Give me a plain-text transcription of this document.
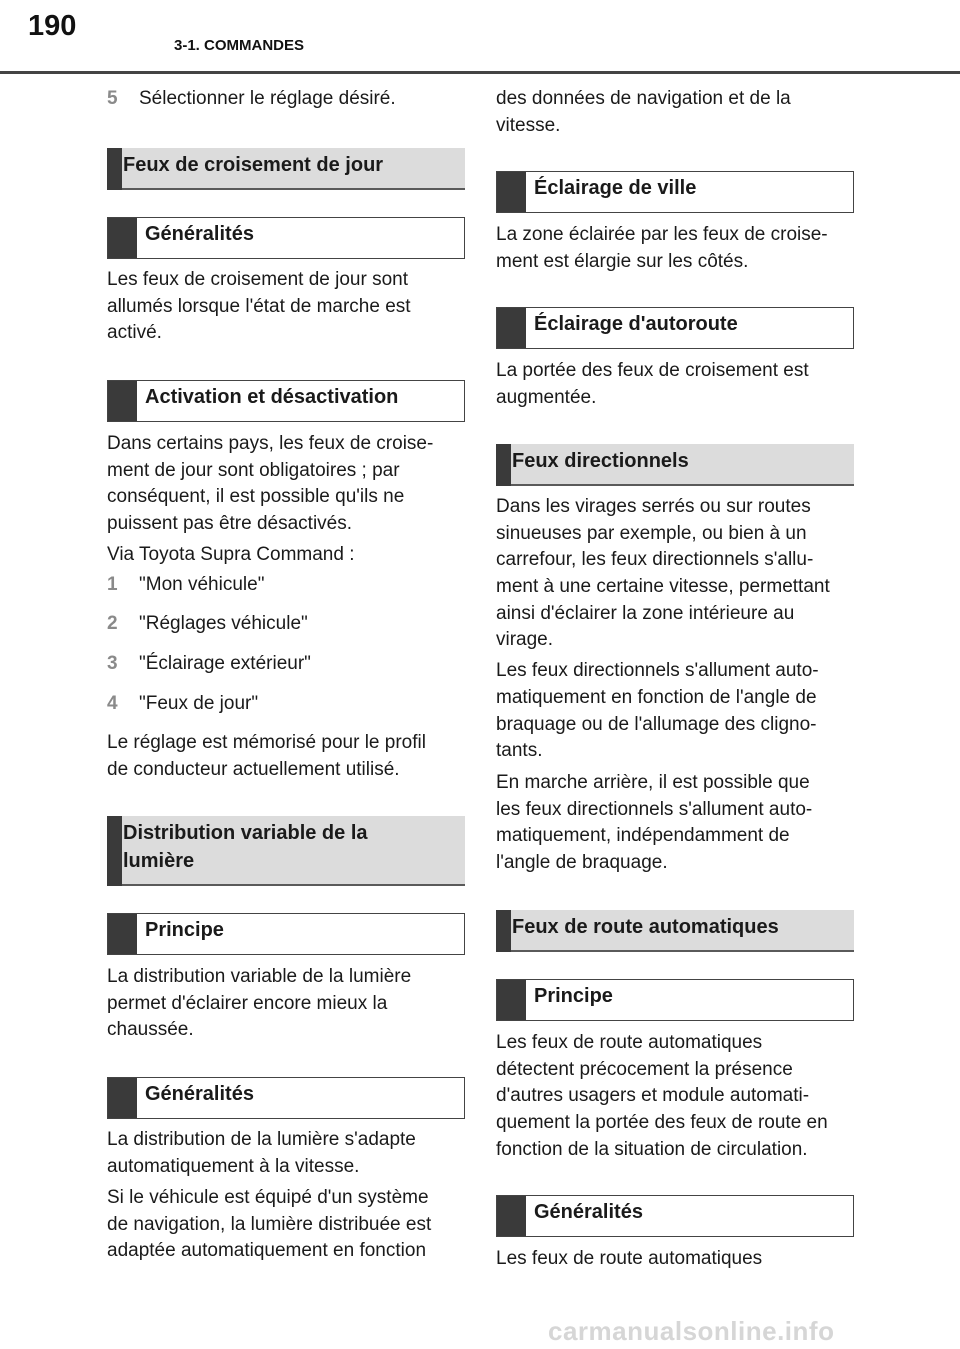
190
3-1. COMMANDES
5 Sélectionner le réglage désiré.
Feux de croisement de jour
Généralités
Les feux de croisement de jour sont
allumés lorsque l'état de marche est
activé.
Activation et désactivation
Dans certains pays, les feux de croise-
ment de jour sont obligatoires ; par
conséquent, il est possible qu'ils ne
puissent pas être désactivés.
Via Toyota Supra Command :
1 "Mon véhicule"
2 "Réglages véhicule"
3 "Éclairage extérieur"
4 "Feux de jour"
Le réglage est mémorisé pour le profil
de conducteur actuellement utilisé.
Distribution variable de la
lumière
Principe
La distribution variable de la lumière
permet d'éclairer encore mieux la
chaussée.
Généralités
La distribution de la lumière s'adapte
automatiquement à la vitesse.
Si le véhicule est équipé d'un système
de navigation, la lumière distribuée est
adaptée automatiquement en fonction
des données de navigation et de la
vitesse.
Éclairage de ville
La zone éclairée par les feux de croise-
ment est élargie sur les côtés.
Éclairage d'autoroute
La portée des feux de croisement est
augmentée.
Feux directionnels
Dans les virages serrés ou sur routes
sinueuses par exemple, ou bien à un
carrefour, les feux directionnels s'allu-
ment à une certaine vitesse, permettant
ainsi d'éclairer la zone intérieure au
virage.
Les feux directionnels s'allument auto-
matiquement en fonction de l'angle de
braquage ou de l'allumage des cligno-
tants.
En marche arrière, il est possible que
les feux directionnels s'allument auto-
matiquement, indépendamment de
l'angle de braquage.
Feux de route automatiques
Principe
Les feux de route automatiques
détectent précocement la présence
d'autres usagers et module automati-
quement la portée des feux de route en
fonction de la situation de circulation.
Généralités
Les feux de route automatiques
carmanualsonline.info
